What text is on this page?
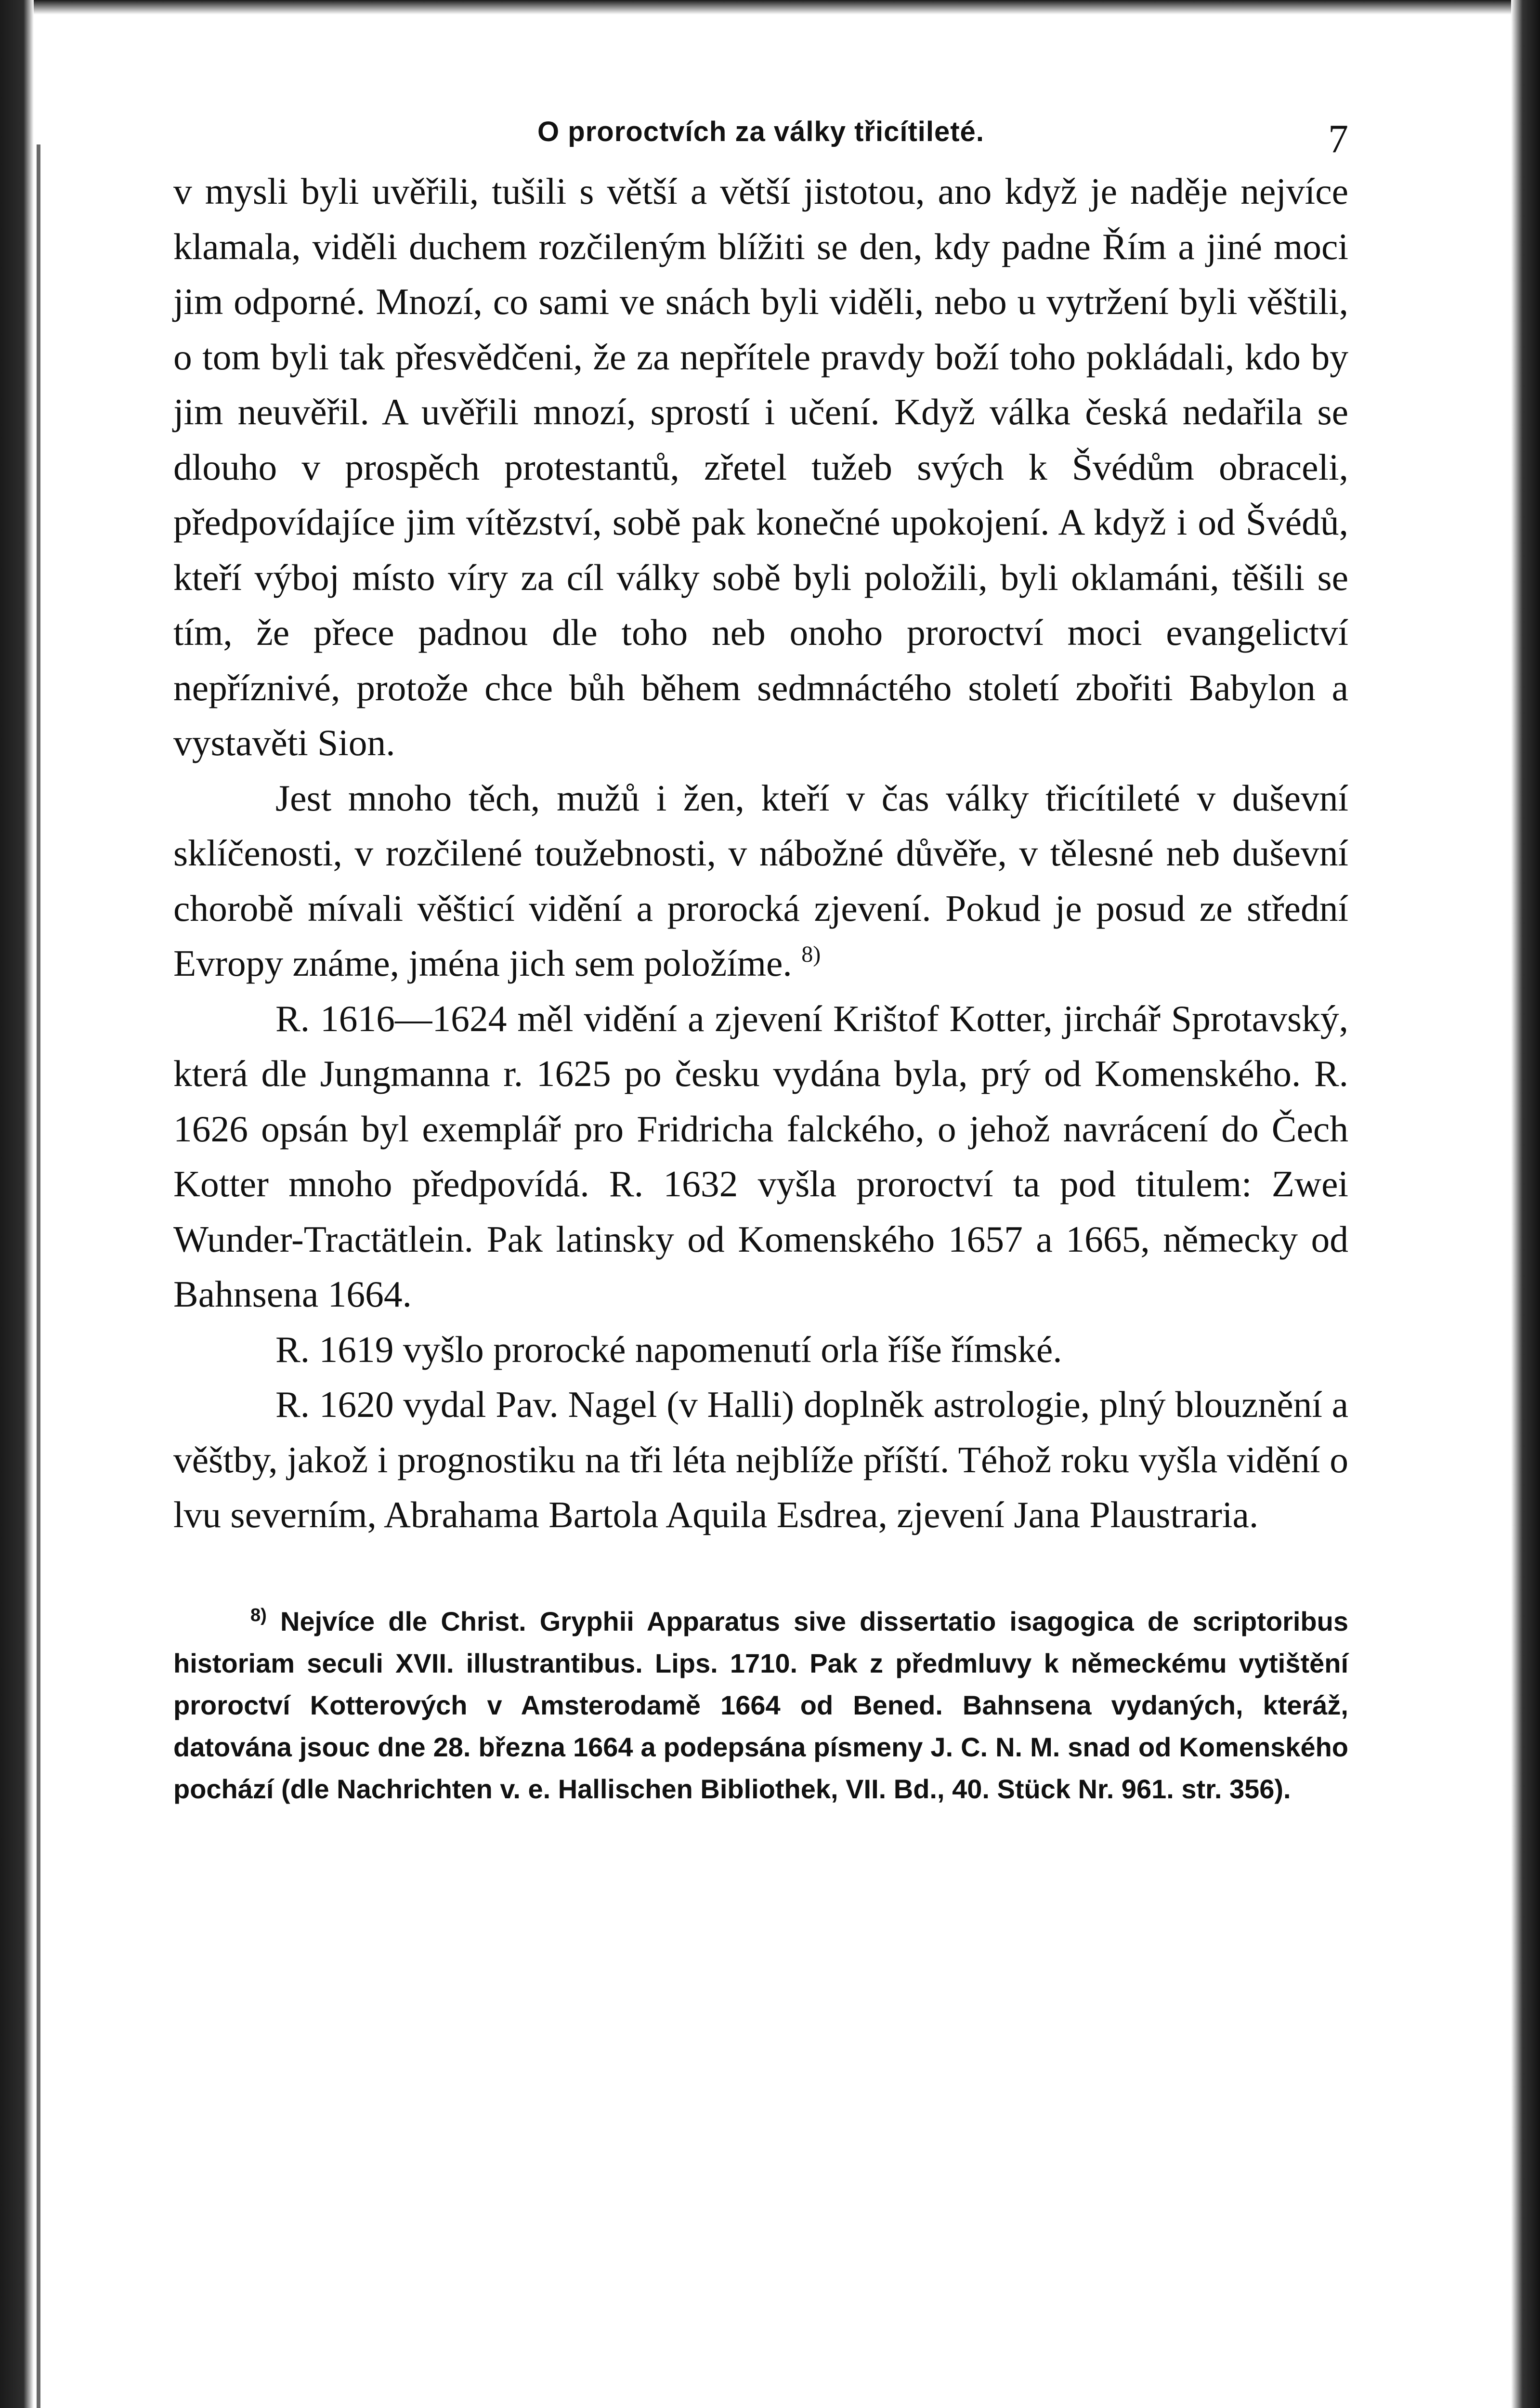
O proroctvích za války třicítileté.	7

v mysli byli uvěřili, tušili s větší a větší jistotou, ano když je naděje nejvíce klamala, viděli duchem rozčileným blížiti se den, kdy padne Řím a jiné moci jim odporné. Mnozí, co sami ve snách byli viděli, nebo u vytržení byli věštili, o tom byli tak přesvědčeni, že za nepřítele pravdy boží toho pokládali, kdo by jim neuvěřil. A uvěřili mnozí, sprostí i učení. Když válka česká nedařila se dlouho v prospěch protestantů, zřetel tužeb svých k Švédům obraceli, předpovídajíce jim vítězství, sobě pak konečné upokojení. A když i od Švédů, kteří výboj místo víry za cíl války sobě byli položili, byli oklamáni, těšili se tím, že přece padnou dle toho neb onoho proroctví moci evangelictví nepříznivé, protože chce bůh během sedmnáctého století zbořiti Babylon a vystavěti Sion.

Jest mnoho těch, mužů i žen, kteří v čas války třicítileté v duševní sklíčenosti, v rozčilené toužebnosti, v nábožné důvěře, v tělesné neb duševní chorobě mívali věšticí vidění a prorocká zjevení. Pokud je posud ze střední Evropy známe, jména jich sem položíme. $^{8)}$

R. 1616—1624 měl vidění a zjevení Krištof Kotter, jirchář Sprotavský, která dle Jungmanna r. 1625 po česku vydána byla, prý od Komenského. R. 1626 opsán byl exemplář pro Fridricha falckého, o jehož navrácení do Čech Kotter mnoho předpovídá. R. 1632 vyšla proroctví ta pod titulem: Zwei Wunder-Tractätlein. Pak latinsky od Komenského 1657 a 1665, německy od Bahnsena 1664.

R. 1619 vyšlo prorocké napomenutí orla říše římské.

R. 1620 vydal Pav. Nagel (v Halli) doplněk astrologie, plný blouznění a věštby, jakož i prognostiku na tři léta nejblíže příští. Téhož roku vyšla vidění o lvu severním, Abrahama Bartola Aquila Esdrea, zjevení Jana Plaustraria.

$^{8)}$ Nejvíce dle Christ. Gryphii Apparatus sive dissertatio isagogica de scriptoribus historiam seculi XVII. illustrantibus. Lips. 1710. Pak z předmluvy k německému vytištění proroctví Kotterových v Amsterodamě 1664 od Bened. Bahnsena vydaných, kteráž, datována jsouc dne 28. března 1664 a podepsána písmeny J. C. N. M. snad od Komenského pochází (dle Nachrichten v. e. Hallischen Bibliothek, VII. Bd., 40. Stück Nr. 961. str. 356).
